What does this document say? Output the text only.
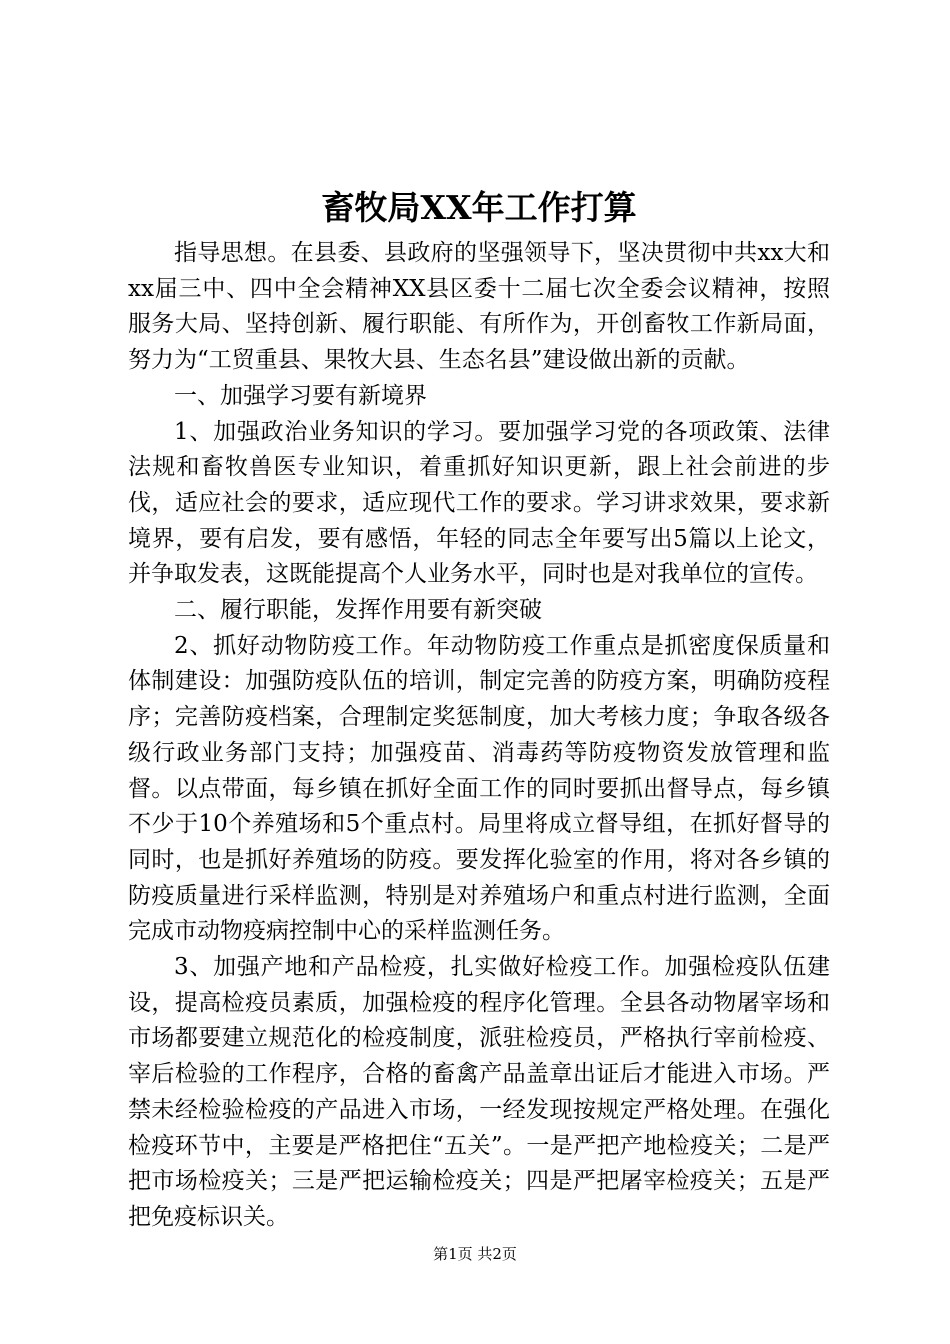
畜牧局XX年工作打算

指导思想。在县委、县政府的坚强领导下，坚决贯彻中共xx大和xx届三中、四中全会精神XX县区委十二届七次全委会议精神，按照服务大局、坚持创新、履行职能、有所作为，开创畜牧工作新局面，努力为“工贸重县、果牧大县、生态名县”建设做出新的贡献。

一、加强学习要有新境界

1、加强政治业务知识的学习。要加强学习党的各项政策、法律法规和畜牧兽医专业知识，着重抓好知识更新，跟上社会前进的步伐，适应社会的要求，适应现代工作的要求。学习讲求效果，要求新境界，要有启发，要有感悟，年轻的同志全年要写出5篇以上论文，并争取发表，这既能提高个人业务水平，同时也是对我单位的宣传。

二、履行职能，发挥作用要有新突破

2、抓好动物防疫工作。年动物防疫工作重点是抓密度保质量和体制建设：加强防疫队伍的培训，制定完善的防疫方案，明确防疫程序；完善防疫档案，合理制定奖惩制度，加大考核力度；争取各级各级行政业务部门支持；加强疫苗、消毒药等防疫物资发放管理和监督。以点带面，每乡镇在抓好全面工作的同时要抓出督导点，每乡镇不少于10个养殖场和5个重点村。局里将成立督导组，在抓好督导的同时，也是抓好养殖场的防疫。要发挥化验室的作用，将对各乡镇的防疫质量进行采样监测，特别是对养殖场户和重点村进行监测，全面完成市动物疫病控制中心的采样监测任务。

3、加强产地和产品检疫，扎实做好检疫工作。加强检疫队伍建设，提高检疫员素质，加强检疫的程序化管理。全县各动物屠宰场和市场都要建立规范化的检疫制度，派驻检疫员，严格执行宰前检疫、宰后检验的工作程序，合格的畜禽产品盖章出证后才能进入市场。严禁未经检验检疫的产品进入市场，一经发现按规定严格处理。在强化检疫环节中，主要是严格把住“五关”。一是严把产地检疫关；二是严把市场检疫关；三是严把运输检疫关；四是严把屠宰检疫关；五是严把免疫标识关。

第1页 共2页
